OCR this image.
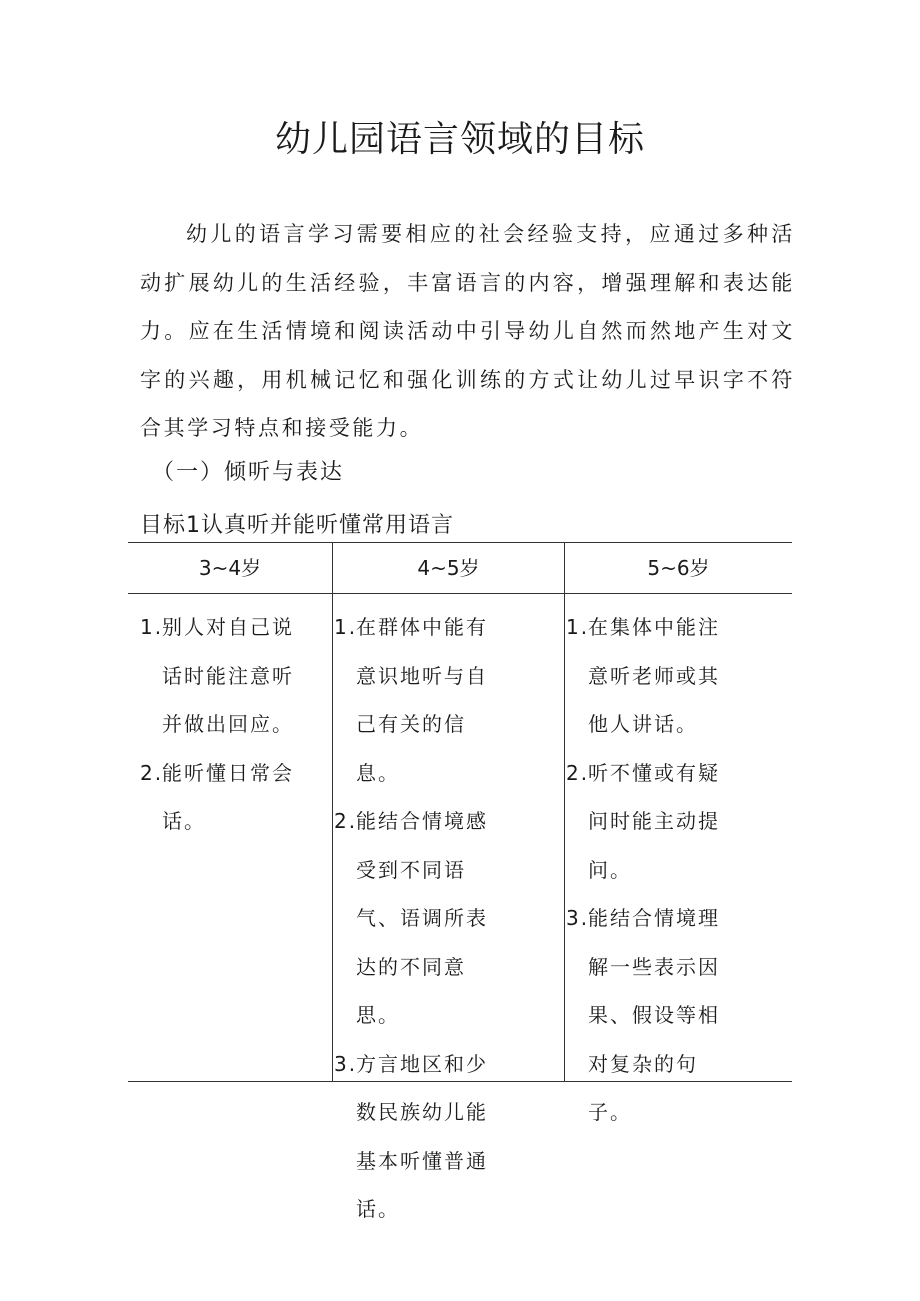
幼儿园语言领域的目标
幼儿的语言学习需要相应的社会经验支持，应通过多种活动扩展幼儿的生活经验，丰富语言的内容，增强理解和表达能力。应在生活情境和阅读活动中引导幼儿自然而然地产生对文字的兴趣，用机械记忆和强化训练的方式让幼儿过早识字不符合其学习特点和接受能力。
（一）倾听与表达
目标1认真听并能听懂常用语言
3~4岁	4~5岁	5~6岁
1.
别人对自己说话时能注意听并做出回应。
2.
能听懂日常会话。
1.
在群体中能有意识地听与自己有关的信息。
2.
能结合情境感受到不同语气、语调所表达的不同意思。
3.
方言地区和少数民族幼儿能基本听懂普通话。
1.
在集体中能注意听老师或其他人讲话。
2.
听不懂或有疑问时能主动提问。
3.
能结合情境理解一些表示因果、假设等相对复杂的句子。
